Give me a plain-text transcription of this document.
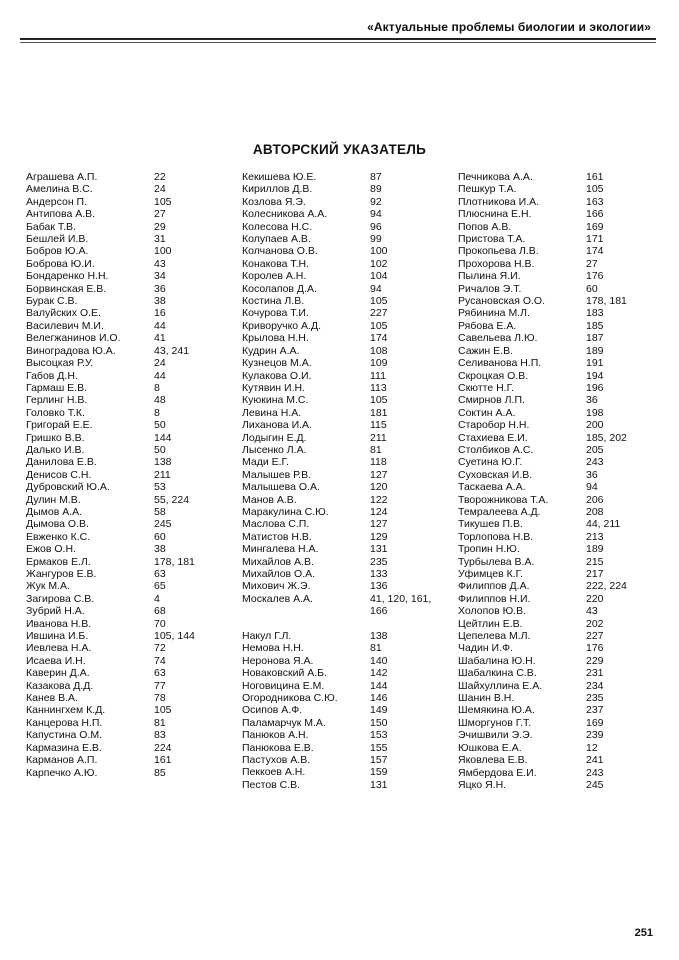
«Актуальные проблемы биологии и экологии»
АВТОРСКИЙ УКАЗАТЕЛЬ
Аграшева А.П.	22
Амелина В.С.	24
Андерсон П.	105
Антипова А.В.	27
Бабак Т.В.	29
Бешлей И.В.	31
Бобров Ю.А.	100
Боброва Ю.И.	43
Бондаренко Н.Н.	34
Борвинская Е.В.	36
Бурак С.В.	38
Валуйских О.Е.	16
Василевич М.И.	44
Велегжанинов И.О.	41
Виноградова Ю.А.	43, 241
Высоцкая Р.У.	24
Габов Д.Н.	44
Гармаш Е.В.	8
Герлинг Н.В.	48
Головко Т.К.	8
Григорай Е.Е.	50
Гришко В.В.	144
Далько И.В.	50
Данилова Е.В.	138
Денисов С.Н.	211
Дубровский Ю.А.	53
Дулин М.В.	55, 224
Дымов А.А.	58
Дымова О.В.	245
Евженко К.С.	60
Ежов О.Н.	38
Ермаков Е.Л.	178, 181
Жангуров Е.В.	63
Жук М.А.	65
Загирова С.В.	4
Зубрий Н.А.	68
Иванова Н.В.	70
Ившина И.Б.	105, 144
Иевлева Н.А.	72
Исаева И.Н.	74
Каверин Д.А.	63
Казакова Д.Д.	77
Канев В.А.	78
Каннингхем К.Д.	105
Канцерова Н.П.	81
Капустина О.М.	83
Кармазина Е.В.	224
Карманов А.П.	161
Карпечко А.Ю.	85
Кекишева Ю.Е.	87
Кириллов Д.В.	89
Козлова Я.Э.	92
Колесникова А.А.	94
Колесова Н.С.	96
Колупаев А.В.	99
Колчанова О.В.	100
Конакова Т.Н.	102
Королев А.Н.	104
Косолапов Д.А.	94
Костина Л.В.	105
Кочурова Т.И.	227
Криворучко А.Д.	105
Крылова Н.Н.	174
Кудрин А.А.	108
Кузнецов М.А.	109
Кулакова О.И.	111
Кутявин И.Н.	113
Куюкина М.С.	105
Левина Н.А.	181
Лиханова И.А.	115
Лодыгин Е.Д.	211
Лысенко Л.А.	81
Мади Е.Г.	118
Малышев Р.В.	127
Малышева О.А.	120
Манов А.В.	122
Маракулина С.Ю.	124
Маслова С.П.	127
Матистов Н.В.	129
Мингалева Н.А.	131
Михайлов А.В.	235
Михайлов О.А.	133
Михович Ж.Э.	136
Москалев А.А.	41, 120, 161, 166
Накул Г.Л.	138
Немова Н.Н.	81
Неронова Я.А.	140
Новаковский А.Б.	142
Ноговицина Е.М.	144
Огородникова С.Ю.	146
Осипов А.Ф.	149
Паламарчук М.А.	150
Панюков А.Н.	153
Панюкова Е.В.	155
Пастухов А.В.	157
Пеккоев А.Н.	159
Пестов С.В.	131
Печникова А.А.	161
Пешкур Т.А.	105
Плотникова И.А.	163
Плюснина Е.Н.	166
Попов А.В.	169
Пристова Т.А.	171
Прокопьева Л.В.	174
Прохорова Н.В.	27
Пылина Я.И.	176
Ричалов Э.Т.	60
Русановская О.О.	178, 181
Рябинина М.Л.	183
Рябова Е.А.	185
Савельева Л.Ю.	187
Сажин Е.В.	189
Селиванова Н.П.	191
Скроцкая О.В.	194
Скютте Н.Г.	196
Смирнов Л.П.	36
Соктин А.А.	198
Старобор Н.Н.	200
Стахиева Е.И.	185, 202
Столбиков А.С.	205
Суетина Ю.Г.	243
Суховская И.В.	36
Таскаева А.А.	94
Творожникова Т.А.	206
Темралеева А.Д.	208
Тикушев П.В.	44, 211
Торлопова Н.В.	213
Тропин Н.Ю.	189
Турбылева В.А.	215
Уфимцев К.Г.	217
Филиппов Д.А.	222, 224
Филиппов Н.И.	220
Холопов Ю.В.	43
Цейтлин Е.В.	202
Цепелева М.Л.	227
Чадин И.Ф.	176
Шабалина Ю.Н.	229
Шабалкина С.В.	231
Шайхуллина Е.А.	234
Шанин В.Н.	235
Шемякина Ю.А.	237
Шморгунов Г.Т.	169
Эчишвили Э.Э.	239
Юшкова Е.А.	12
Яковлева Е.В.	241
Ямбердова Е.И.	243
Яцко Я.Н.	245
251
